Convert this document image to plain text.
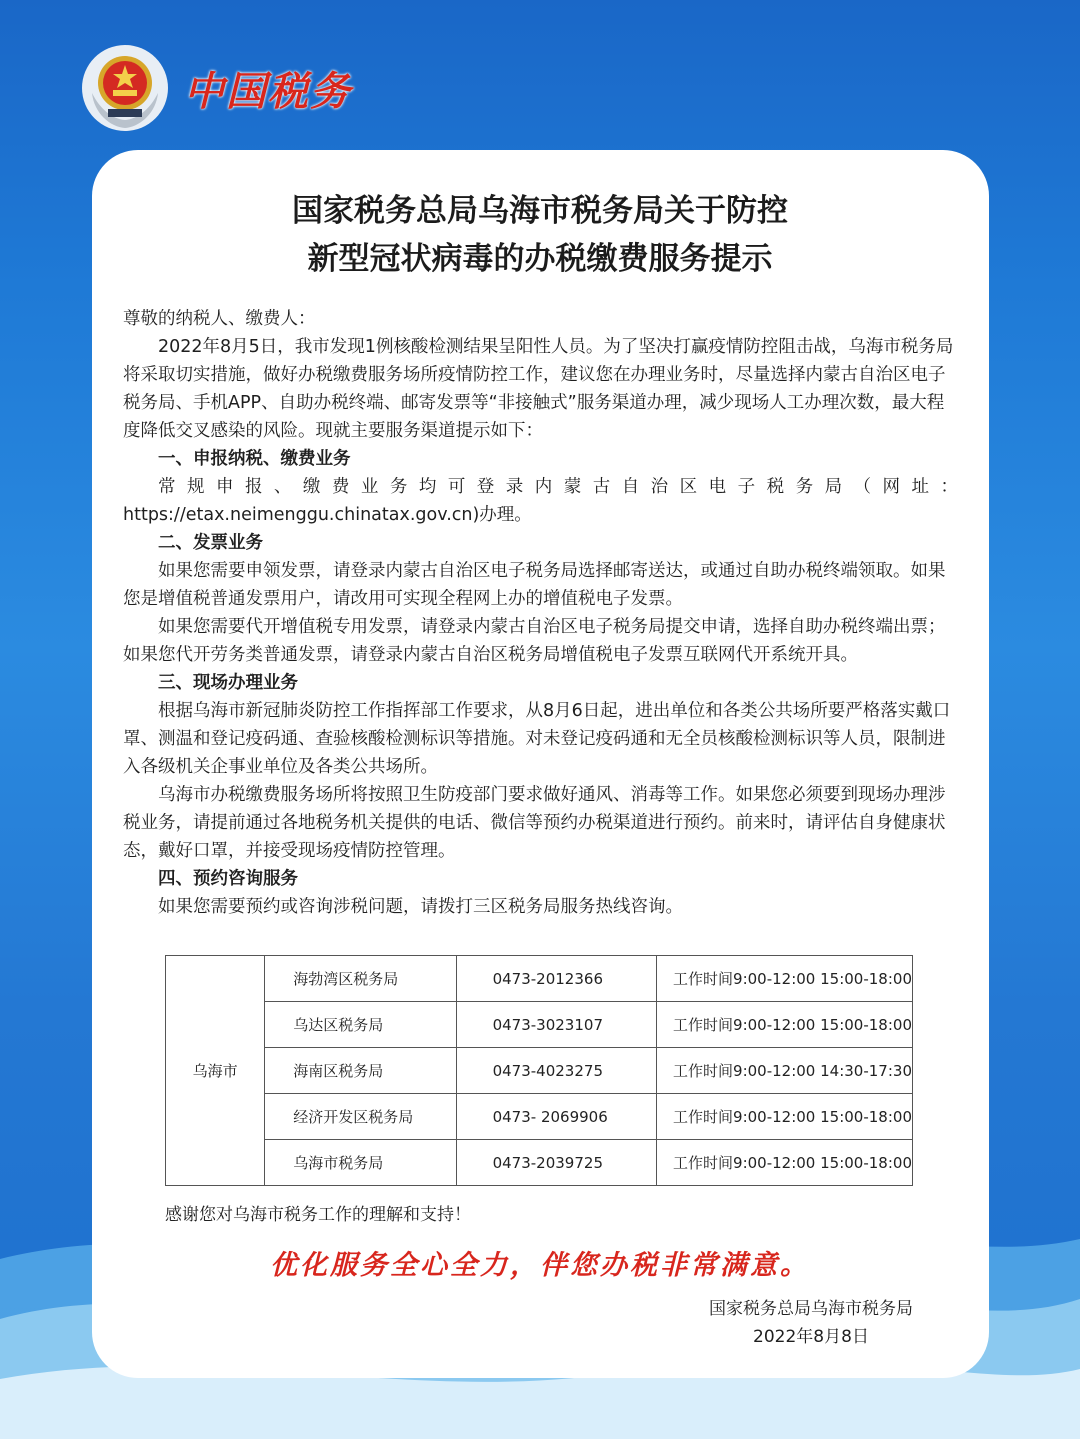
中国税务
国家税务总局乌海市税务局关于防控
新型冠状病毒的办税缴费服务提示

尊敬的纳税人、缴费人：

2022年8月5日，我市发现1例核酸检测结果呈阳性人员。为了坚决打赢疫情防控阻击战，乌海市税务局将采取切实措施，做好办税缴费服务场所疫情防控工作，建议您在办理业务时，尽量选择内蒙古自治区电子税务局、手机APP、自助办税终端、邮寄发票等“非接触式”服务渠道办理，减少现场人工办理次数，最大程度降低交叉感染的风险。现就主要服务渠道提示如下：

一、申报纳税、缴费业务

常规申报、缴费业务均可登录内蒙古自治区电子税务局（网址：

https://etax.neimenggu.chinatax.gov.cn)办理。

二、发票业务

如果您需要申领发票，请登录内蒙古自治区电子税务局选择邮寄送达，或通过自助办税终端领取。如果您是增值税普通发票用户，请改用可实现全程网上办的增值税电子发票。

如果您需要代开增值税专用发票，请登录内蒙古自治区电子税务局提交申请，选择自助办税终端出票；如果您代开劳务类普通发票，请登录内蒙古自治区税务局增值税电子发票互联网代开系统开具。

三、现场办理业务

根据乌海市新冠肺炎防控工作指挥部工作要求，从8月6日起，进出单位和各类公共场所要严格落实戴口罩、测温和登记疫码通、查验核酸检测标识等措施。对未登记疫码通和无全员核酸检测标识等人员，限制进入各级机关企事业单位及各类公共场所。

乌海市办税缴费服务场所将按照卫生防疫部门要求做好通风、消毒等工作。如果您必须要到现场办理涉税业务，请提前通过各地税务机关提供的电话、微信等预约办税渠道进行预约。前来时，请评估自身健康状态，戴好口罩，并接受现场疫情防控管理。

四、预约咨询服务

如果您需要预约或咨询涉税问题，请拨打三区税务局服务热线咨询。

乌海市	海勃湾区税务局	0473-2012366	工作时间9:00-12:00 15:00-18:00
	乌达区税务局	0473-3023107	工作时间9:00-12:00 15:00-18:00
	海南区税务局	0473-4023275	工作时间9:00-12:00 14:30-17:30
	经济开发区税务局	0473- 2069906	工作时间9:00-12:00 15:00-18:00
	乌海市税务局	0473-2039725	工作时间9:00-12:00 15:00-18:00
感谢您对乌海市税务工作的理解和支持！
优化服务全心全力，伴您办税非常满意。
国家税务总局乌海市税务局
2022年8月8日
